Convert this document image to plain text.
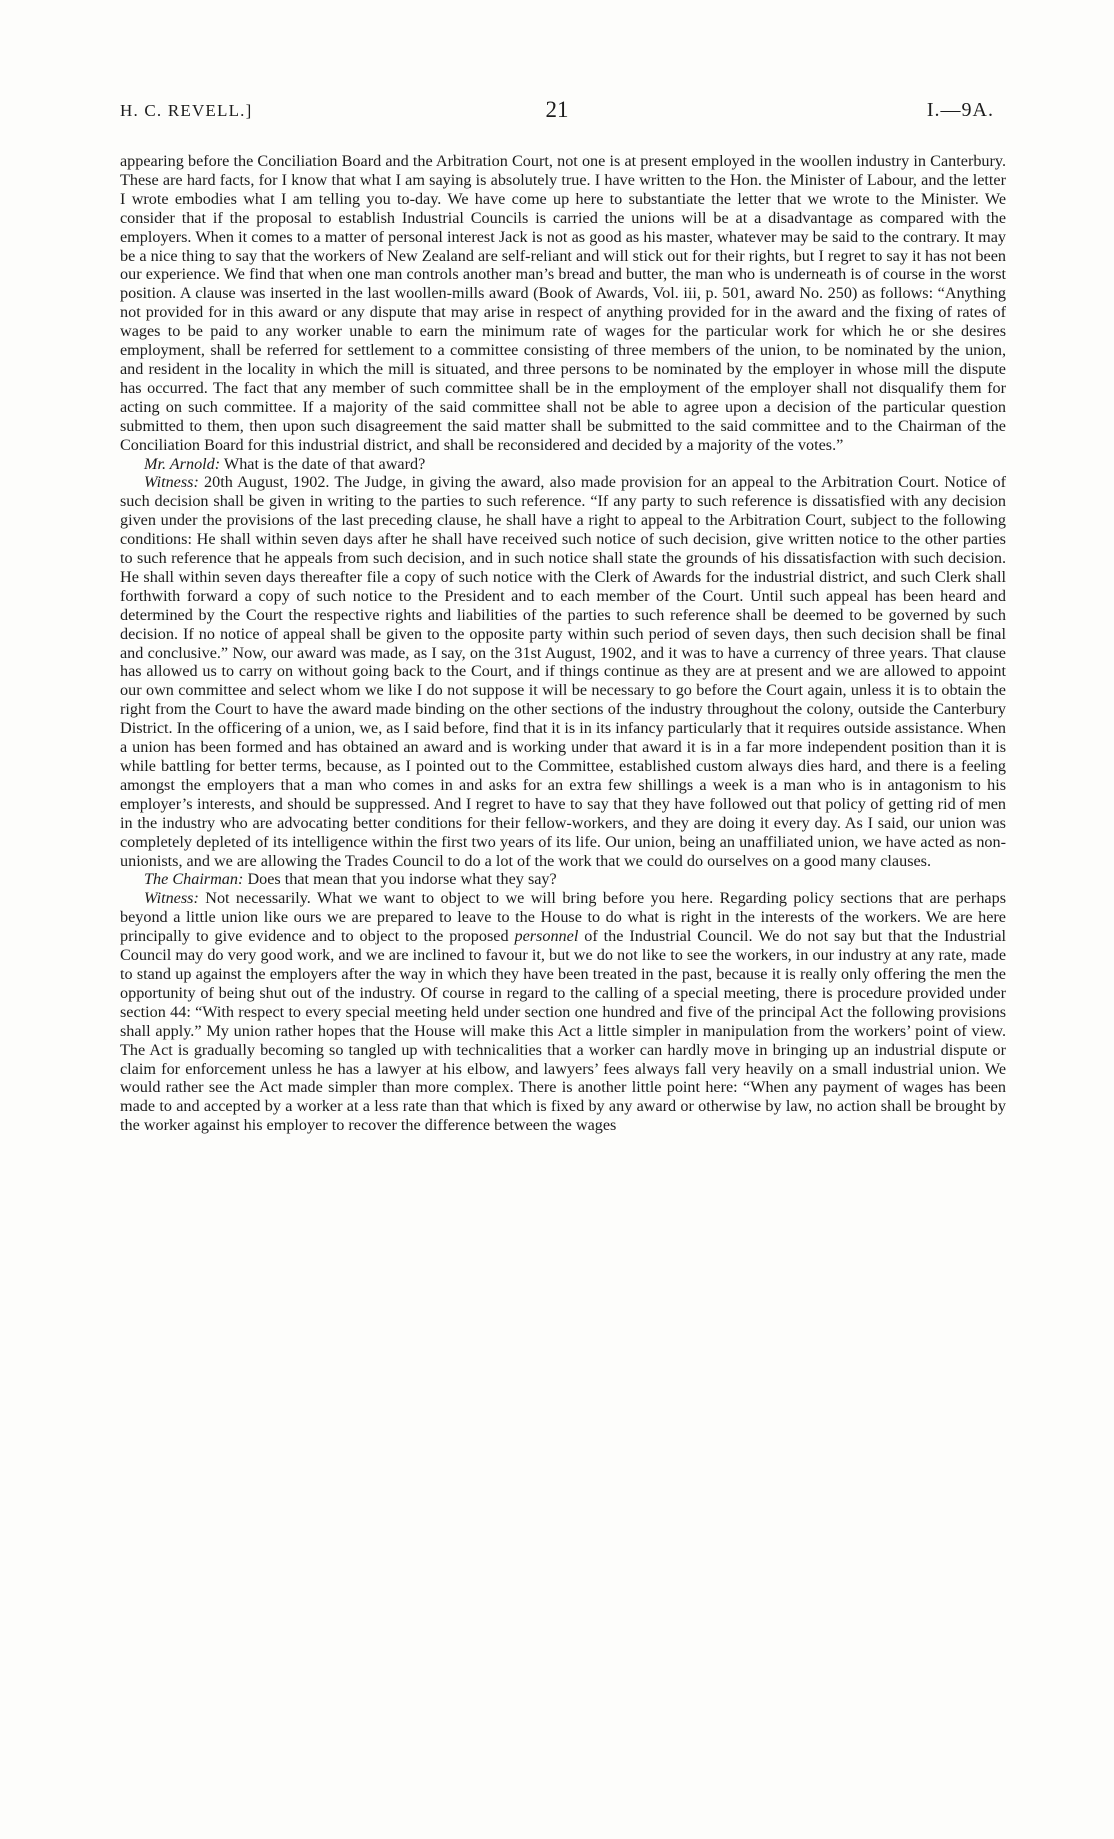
H. C. REVELL.]	21	I.—9A.

appearing before the Conciliation Board and the Arbitration Court, not one is at present employed in the woollen industry in Canterbury. These are hard facts, for I know that what I am saying is absolutely true. I have written to the Hon. the Minister of Labour, and the letter I wrote embodies what I am telling you to-day. We have come up here to substantiate the letter that we wrote to the Minister. We consider that if the proposal to establish Industrial Councils is carried the unions will be at a disadvantage as compared with the employers. When it comes to a matter of personal interest Jack is not as good as his master, whatever may be said to the contrary. It may be a nice thing to say that the workers of New Zealand are self-reliant and will stick out for their rights, but I regret to say it has not been our experience. We find that when one man controls another man’s bread and butter, the man who is underneath is of course in the worst position. A clause was inserted in the last woollen-mills award (Book of Awards, Vol. iii, p. 501, award No. 250) as follows: “Anything not provided for in this award or any dispute that may arise in respect of anything provided for in the award and the fixing of rates of wages to be paid to any worker unable to earn the minimum rate of wages for the particular work for which he or she desires employment, shall be referred for settlement to a committee consisting of three members of the union, to be nominated by the union, and resident in the locality in which the mill is situated, and three persons to be nominated by the employer in whose mill the dispute has occurred. The fact that any member of such committee shall be in the employment of the employer shall not disqualify them for acting on such committee. If a majority of the said committee shall not be able to agree upon a decision of the particular question submitted to them, then upon such disagreement the said matter shall be submitted to the said committee and to the Chairman of the Conciliation Board for this industrial district, and shall be reconsidered and decided by a majority of the votes.”

Mr. Arnold: What is the date of that award?

Witness: 20th August, 1902. The Judge, in giving the award, also made provision for an appeal to the Arbitration Court. Notice of such decision shall be given in writing to the parties to such reference. “If any party to such reference is dissatisfied with any decision given under the provisions of the last preceding clause, he shall have a right to appeal to the Arbitration Court, subject to the following conditions: He shall within seven days after he shall have received such notice of such decision, give written notice to the other parties to such reference that he appeals from such decision, and in such notice shall state the grounds of his dissatisfaction with such decision. He shall within seven days thereafter file a copy of such notice with the Clerk of Awards for the industrial district, and such Clerk shall forthwith forward a copy of such notice to the President and to each member of the Court. Until such appeal has been heard and determined by the Court the respective rights and liabilities of the parties to such reference shall be deemed to be governed by such decision. If no notice of appeal shall be given to the opposite party within such period of seven days, then such decision shall be final and conclusive.” Now, our award was made, as I say, on the 31st August, 1902, and it was to have a currency of three years. That clause has allowed us to carry on without going back to the Court, and if things continue as they are at present and we are allowed to appoint our own committee and select whom we like I do not suppose it will be necessary to go before the Court again, unless it is to obtain the right from the Court to have the award made binding on the other sections of the industry throughout the colony, outside the Canterbury District. In the officering of a union, we, as I said before, find that it is in its infancy particularly that it requires outside assistance. When a union has been formed and has obtained an award and is working under that award it is in a far more independent position than it is while battling for better terms, because, as I pointed out to the Committee, established custom always dies hard, and there is a feeling amongst the employers that a man who comes in and asks for an extra few shillings a week is a man who is in antagonism to his employer’s interests, and should be suppressed. And I regret to have to say that they have followed out that policy of getting rid of men in the industry who are advocating better conditions for their fellow-workers, and they are doing it every day. As I said, our union was completely depleted of its intelligence within the first two years of its life. Our union, being an unaffiliated union, we have acted as non-unionists, and we are allowing the Trades Council to do a lot of the work that we could do ourselves on a good many clauses.

The Chairman: Does that mean that you indorse what they say?

Witness: Not necessarily. What we want to object to we will bring before you here. Regarding policy sections that are perhaps beyond a little union like ours we are prepared to leave to the House to do what is right in the interests of the workers. We are here principally to give evidence and to object to the proposed personnel of the Industrial Council. We do not say but that the Industrial Council may do very good work, and we are inclined to favour it, but we do not like to see the workers, in our industry at any rate, made to stand up against the employers after the way in which they have been treated in the past, because it is really only offering the men the opportunity of being shut out of the industry. Of course in regard to the calling of a special meeting, there is procedure provided under section 44: “With respect to every special meeting held under section one hundred and five of the principal Act the following provisions shall apply.” My union rather hopes that the House will make this Act a little simpler in manipulation from the workers’ point of view. The Act is gradually becoming so tangled up with technicalities that a worker can hardly move in bringing up an industrial dispute or claim for enforcement unless he has a lawyer at his elbow, and lawyers’ fees always fall very heavily on a small industrial union. We would rather see the Act made simpler than more complex. There is another little point here: “When any payment of wages has been made to and accepted by a worker at a less rate than that which is fixed by any award or otherwise by law, no action shall be brought by the worker against his employer to recover the difference between the wages
